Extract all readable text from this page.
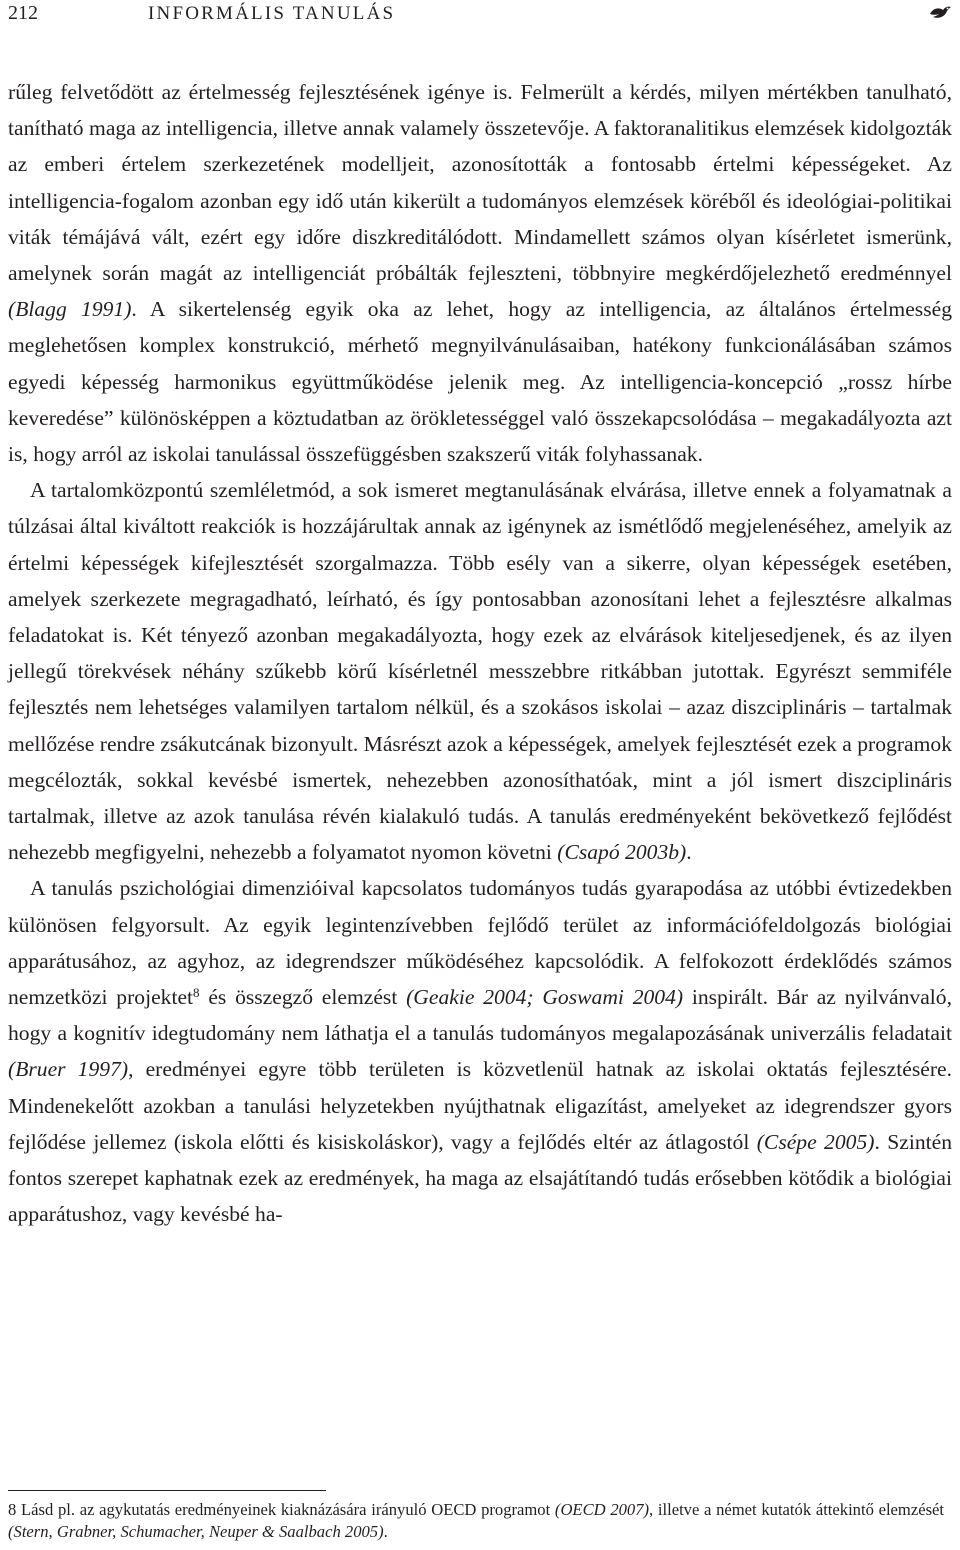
212	INFORMÁLIS TANULÁS

rűleg felvetődött az értelmesség fejlesztésének igénye is. Felmerült a kérdés, milyen mértékben tanulható, tanítható maga az intelligencia, illetve annak valamely összetevője. A faktoranalitikus elemzések kidolgozták az emberi értelem szerkezetének modelljeit, azonosították a fontosabb értelmi képességeket. Az intelligencia-fogalom azonban egy idő után kikerült a tudományos elemzések köréből és ideológiai-politikai viták témájává vált, ezért egy időre diszkreditálódott. Mindamellett számos olyan kísérletet ismerünk, amelynek során magát az intelligenciát próbálták fejleszteni, többnyire megkérdőjelezhető eredménnyel (Blagg 1991). A sikertelenség egyik oka az lehet, hogy az intelligencia, az általános értelmesség meglehetősen komplex konstrukció, mérhető megnyilvánulásaiban, hatékony funkcionálásában számos egyedi képesség harmonikus együttműködése jelenik meg. Az intelligencia-koncepció „rossz hírbe keveredése” különösképpen a köztudatban az örökletességgel való összekapcsolódása – megakadályozta azt is, hogy arról az iskolai tanulással összefüggésben szakszerű viták folyhassanak.

A tartalomközpontú szemléletmód, a sok ismeret megtanulásának elvárása, illetve ennek a folyamatnak a túlzásai által kiváltott reakciók is hozzájárultak annak az igénynek az ismétlődő megjelenéséhez, amelyik az értelmi képességek kifejlesztését szorgalmazza. Több esély van a sikerre, olyan képességek esetében, amelyek szerkezete megragadható, leírható, és így pontosabban azonosítani lehet a fejlesztésre alkalmas feladatokat is. Két tényező azonban megakadályozta, hogy ezek az elvárások kiteljesedjenek, és az ilyen jellegű törekvések néhány szűkebb körű kísérletnél messzebbre ritkábban jutottak. Egyrészt semmiféle fejlesztés nem lehetséges valamilyen tartalom nélkül, és a szokásos iskolai – azaz diszciplináris – tartalmak mellőzése rendre zsákutcának bizonyult. Másrészt azok a képességek, amelyek fejlesztését ezek a programok megcélozták, sokkal kevésbé ismertek, nehezebben azonosíthatóak, mint a jól ismert diszciplináris tartalmak, illetve az azok tanulása révén kialakuló tudás. A tanulás eredményeként bekövetkező fejlődést nehezebb megfigyelni, nehezebb a folyamatot nyomon követni (Csapó 2003b).

A tanulás pszichológiai dimenzióival kapcsolatos tudományos tudás gyarapodása az utóbbi évtizedekben különösen felgyorsult. Az egyik legintenzívebben fejlődő terület az információfeldolgozás biológiai apparátusához, az agyhoz, az idegrendszer működéséhez kapcsolódik. A felfokozott érdeklődés számos nemzetközi projektet$^8$ és összegző elemzést (Geakie 2004; Goswami 2004) inspirált. Bár az nyilvánvaló, hogy a kognitív idegtudomány nem láthatja el a tanulás tudományos megalapozásának univerzális feladatait (Bruer 1997), eredményei egyre több területen is közvetlenül hatnak az iskolai oktatás fejlesztésére. Mindenekelőtt azokban a tanulási helyzetekben nyújthatnak eligazítást, amelyeket az idegrendszer gyors fejlődése jellemez (iskola előtti és kisiskoláskor), vagy a fejlődés eltér az átlagostól (Csépe 2005). Szintén fontos szerepet kaphatnak ezek az eredmények, ha maga az elsajátítandó tudás erősebben kötődik a biológiai apparátushoz, vagy kevésbé ha-

8 Lásd pl. az agykutatás eredményeinek kiaknázására irányuló OECD programot (OECD 2007), illetve a német kutatók áttekintő elemzését (Stern, Grabner, Schumacher, Neuper & Saalbach 2005).
